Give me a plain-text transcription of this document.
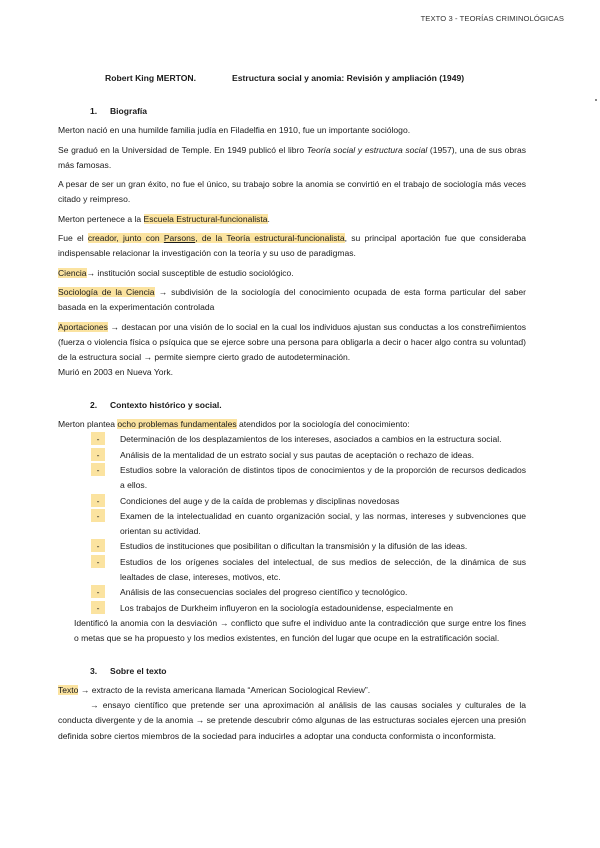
TEXTO 3 - TEORÍAS CRIMINOLÓGICAS
Robert King MERTON.	Estructura social y anomia: Revisión y ampliación (1949)
1. Biografía

Merton nació en una humilde familia judía en Filadelfia en 1910, fue un importante sociólogo.

Se graduó en la Universidad de Temple. En 1949 publicó el libro Teoría social y estructura social (1957), una de sus obras más famosas.

A pesar de ser un gran éxito, no fue el único, su trabajo sobre la anomia se convirtió en el trabajo de sociología más veces citado y reimpreso.

Merton pertenece a la Escuela Estructural-funcionalista.

Fue el creador, junto con Parsons, de la Teoría estructural-funcionalista, su principal aportación fue que consideraba indispensable relacionar la investigación con la teoría y su uso de paradigmas.

Ciencia→ institución social susceptible de estudio sociológico.

Sociología de la Ciencia → subdivisión de la sociología del conocimiento ocupada de esta forma particular del saber basada en la experimentación controlada

Aportaciones → destacan por una visión de lo social en la cual los individuos ajustan sus conductas a los constreñimientos (fuerza o violencia física o psíquica que se ejerce sobre una persona para obligarla a decir o hacer algo contra su voluntad) de la estructura social → permite siempre cierto grado de autodeterminación.

Murió en 2003 en Nueva York.

2. Contexto histórico y social.

Merton plantea ocho problemas fundamentales atendidos por la sociología del conocimiento:

-	Determinación de los desplazamientos de los intereses, asociados a cambios en la estructura social.
-	Análisis de la mentalidad de un estrato social y sus pautas de aceptación o rechazo de ideas.
-	Estudios sobre la valoración de distintos tipos de conocimientos y de la proporción de recursos dedicados a ellos.
-	Condiciones del auge y de la caída de problemas y disciplinas novedosas
-	Examen de la intelectualidad en cuanto organización social, y las normas, intereses y subvenciones que orientan su actividad.
-	Estudios de instituciones que posibilitan o dificultan la transmisión y la difusión de las ideas.
-	Estudios de los orígenes sociales del intelectual, de sus medios de selección, de la dinámica de sus lealtades de clase, intereses, motivos, etc.
-	Análisis de las consecuencias sociales del progreso científico y tecnológico.
-	Los trabajos de Durkheim influyeron en la sociología estadounidense, especialmente en

Identificó la anomia con la desviación → conflicto que sufre el individuo ante la contradicción que surge entre los fines o metas que se ha propuesto y los medios existentes, en función del lugar que ocupe en la estratificación social.

3. Sobre el texto

Texto → extracto de la revista americana llamada “American Sociological Review”.

→ ensayo científico que pretende ser una aproximación al análisis de las causas sociales y culturales de la conducta divergente y de la anomia → se pretende descubrir cómo algunas de las estructuras sociales ejercen una presión definida sobre ciertos miembros de la sociedad para inducirles a adoptar una conducta conformista o inconformista.
